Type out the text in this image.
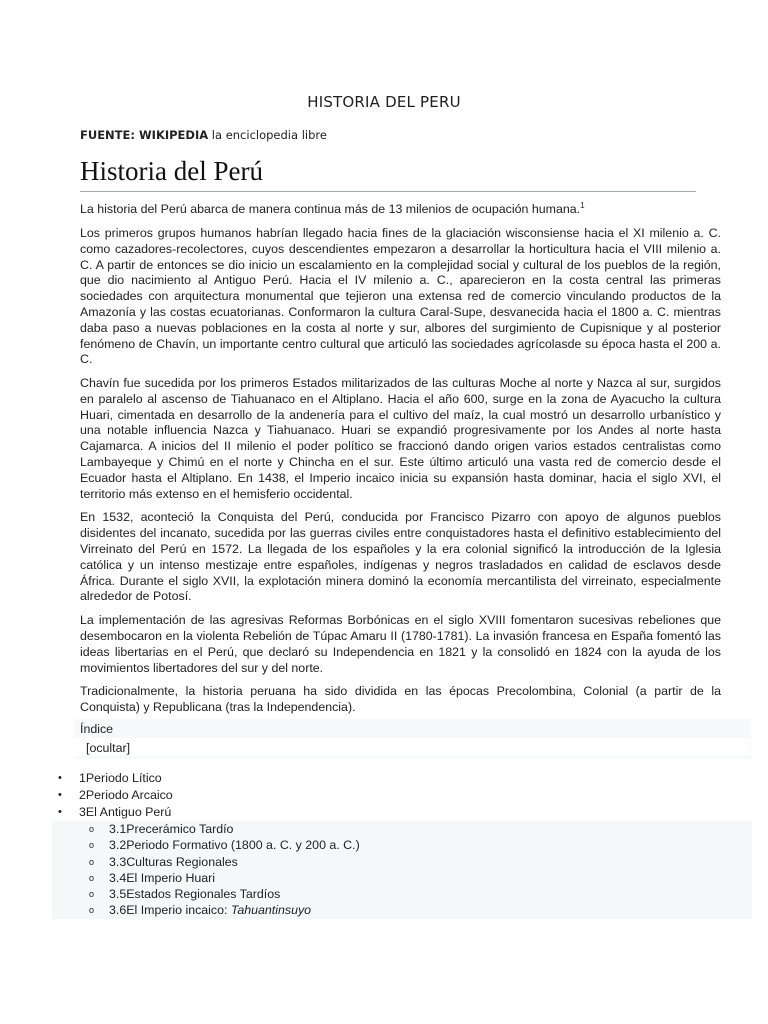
HISTORIA DEL PERU
FUENTE: WIKIPEDIA la enciclopedia libre
Historia del Perú

La historia del Perú abarca de manera continua más de 13 milenios de ocupación humana.$^1$

Los primeros grupos humanos habrían llegado hacia fines de la glaciación wisconsiense hacia el XI milenio a. C. como cazadores-recolectores, cuyos descendientes empezaron a desarrollar la horticultura hacia el VIII milenio a. C. A partir de entonces se dio inicio un escalamiento en la complejidad social y cultural de los pueblos de la región, que dio nacimiento al Antiguo Perú. Hacia el IV milenio a. C., aparecieron en la costa central las primeras sociedades con arquitectura monumental que tejieron una extensa red de comercio vinculando productos de la Amazonía y las costas ecuatorianas. Conformaron la cultura Caral-Supe, desvanecida hacia el 1800 a. C. mientras daba paso a nuevas poblaciones en la costa al norte y sur, albores del surgimiento de Cupisnique y al posterior fenómeno de Chavín, un importante centro cultural que articuló las sociedades agrícolasde su época hasta el 200 a. C.

Chavín fue sucedida por los primeros Estados militarizados de las culturas Moche al norte y Nazca al sur, surgidos en paralelo al ascenso de Tiahuanaco en el Altiplano. Hacia el año 600, surge en la zona de Ayacucho la cultura Huari, cimentada en desarrollo de la andenería para el cultivo del maíz, la cual mostró un desarrollo urbanístico y una notable influencia Nazca y Tiahuanaco. Huari se expandió progresivamente por los Andes al norte hasta Cajamarca. A inicios del II milenio el poder político se fraccionó dando origen varios estados centralistas como Lambayeque y Chimú en el norte y Chincha en el sur. Este último articuló una vasta red de comercio desde el Ecuador hasta el Altiplano. En 1438, el Imperio incaico inicia su expansión hasta dominar, hacia el siglo XVI, el territorio más extenso en el hemisferio occidental.

En 1532, aconteció la Conquista del Perú, conducida por Francisco Pizarro con apoyo de algunos pueblos disidentes del incanato, sucedida por las guerras civiles entre conquistadores hasta el definitivo establecimiento del Virreinato del Perú en 1572. La llegada de los españoles y la era colonial significó la introducción de la Iglesia católica y un intenso mestizaje entre españoles, indígenas y negros trasladados en calidad de esclavos desde África. Durante el siglo XVII, la explotación minera dominó la economía mercantilista del virreinato, especialmente alrededor de Potosí.

La implementación de las agresivas Reformas Borbónicas en el siglo XVIII fomentaron sucesivas rebeliones que desembocaron en la violenta Rebelión de Túpac Amaru II (1780-1781). La invasión francesa en España fomentó las ideas libertarias en el Perú, que declaró su Independencia en 1821 y la consolidó en 1824 con la ayuda de los movimientos libertadores del sur y del norte.

Tradicionalmente, la historia peruana ha sido dividida en las épocas Precolombina, Colonial (a partir de la Conquista) y Republicana (tras la Independencia).

Índice
[ocultar]
• 1Periodo Lítico
• 2Periodo Arcaico
• 3El Antiguo Perú
o 3.1Precerámico Tardío
o 3.2Periodo Formativo (1800 a. C. y 200 a. C.)
o 3.3Culturas Regionales
o 3.4El Imperio Huari
o 3.5Estados Regionales Tardíos
o 3.6El Imperio incaico: Tahuantinsuyo
